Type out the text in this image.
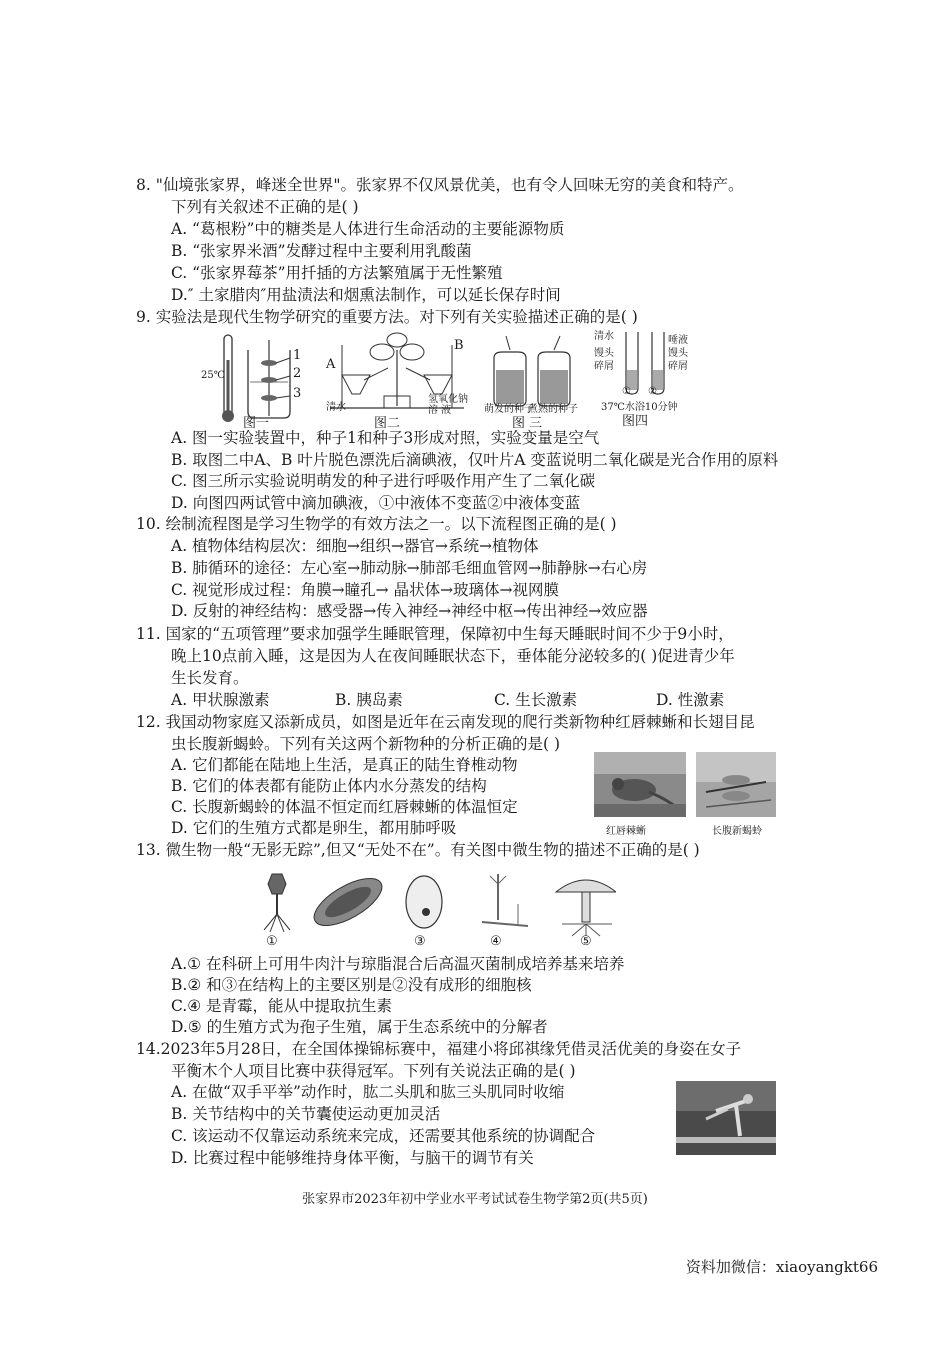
8. "仙境张家界，峰迷全世界"。张家界不仅风景优美，也有令人回味无穷的美食和特产。
下列有关叙述不正确的是( )
A. “葛根粉”中的糖类是人体进行生命活动的主要能源物质
B. “张家界米酒”发酵过程中主要利用乳酸菌
C. “张家界莓茶”用扦插的方法繁殖属于无性繁殖
D.″ 土家腊肉″用盐渍法和烟熏法制作，可以延长保存时间
9. 实验法是现代生物学研究的重要方法。对下列有关实验描述正确的是( )
25℃
1
2
3
图一
A
B
清水
氢氧化钠溶 液
图二
萌发的种子
煮熟的种子
图 三
清水
馒头
碎屑
唾液
馒头
碎屑
① ②
37℃水浴10分钟
图四
A. 图一实验装置中，种子1和种子3形成对照，实验变量是空气
B. 取图二中A、B 叶片脱色漂洗后滴碘液，仅叶片A 变蓝说明二氧化碳是光合作用的原料
C. 图三所示实验说明萌发的种子进行呼吸作用产生了二氧化碳
D. 向图四两试管中滴加碘液，①中液体不变蓝②中液体变蓝
10. 绘制流程图是学习生物学的有效方法之一。以下流程图正确的是( )
A. 植物体结构层次：细胞→组织→器官→系统→植物体
B. 肺循环的途径：左心室→肺动脉→肺部毛细血管网→肺静脉→右心房
C. 视觉形成过程：角膜→瞳孔→ 晶状体→玻璃体→视网膜
D. 反射的神经结构：感受器→传入神经→神经中枢→传出神经→效应器
11. 国家的“五项管理”要求加强学生睡眠管理，保障初中生每天睡眠时间不少于9小时，
晚上10点前入睡，这是因为人在夜间睡眠状态下，垂体能分泌较多的( )促进青少年
生长发育。
A. 甲状腺激素	B. 胰岛素	C. 生长激素	D. 性激素
12. 我国动物家庭又添新成员，如图是近年在云南发现的爬行类新物种红唇棘蜥和长翅目昆
虫长腹新蝎蛉。下列有关这两个新物种的分析正确的是( )
A. 它们都能在陆地上生活，是真正的陆生脊椎动物
B. 它们的体表都有能防止体内水分蒸发的结构
C. 长腹新蝎蛉的体温不恒定而红唇棘蜥的体温恒定
D. 它们的生殖方式都是卵生，都用肺呼吸	红唇棘蜥	长腹新蝎蛉
13. 微生物一般“无影无踪”,但又“无处不在”。有关图中微生物的描述不正确的是( )
①	③	④	⑤
A.① 在科研上可用牛肉汁与琼脂混合后高温灭菌制成培养基来培养
B.② 和③在结构上的主要区别是②没有成形的细胞核
C.④ 是青霉，能从中提取抗生素
D.⑤ 的生殖方式为孢子生殖，属于生态系统中的分解者
14.2023年5月28日，在全国体操锦标赛中，福建小将邱祺缘凭借灵活优美的身姿在女子
平衡木个人项目比赛中获得冠军。下列有关说法正确的是( )
A. 在做“双手平举”动作时，肱二头肌和肱三头肌同时收缩
B. 关节结构中的关节囊使运动更加灵活
C. 该运动不仅靠运动系统来完成，还需要其他系统的协调配合
D. 比赛过程中能够维持身体平衡，与脑干的调节有关
张家界市2023年初中学业水平考试试卷生物学第2页(共5页)
资料加微信：xiaoyangkt66
